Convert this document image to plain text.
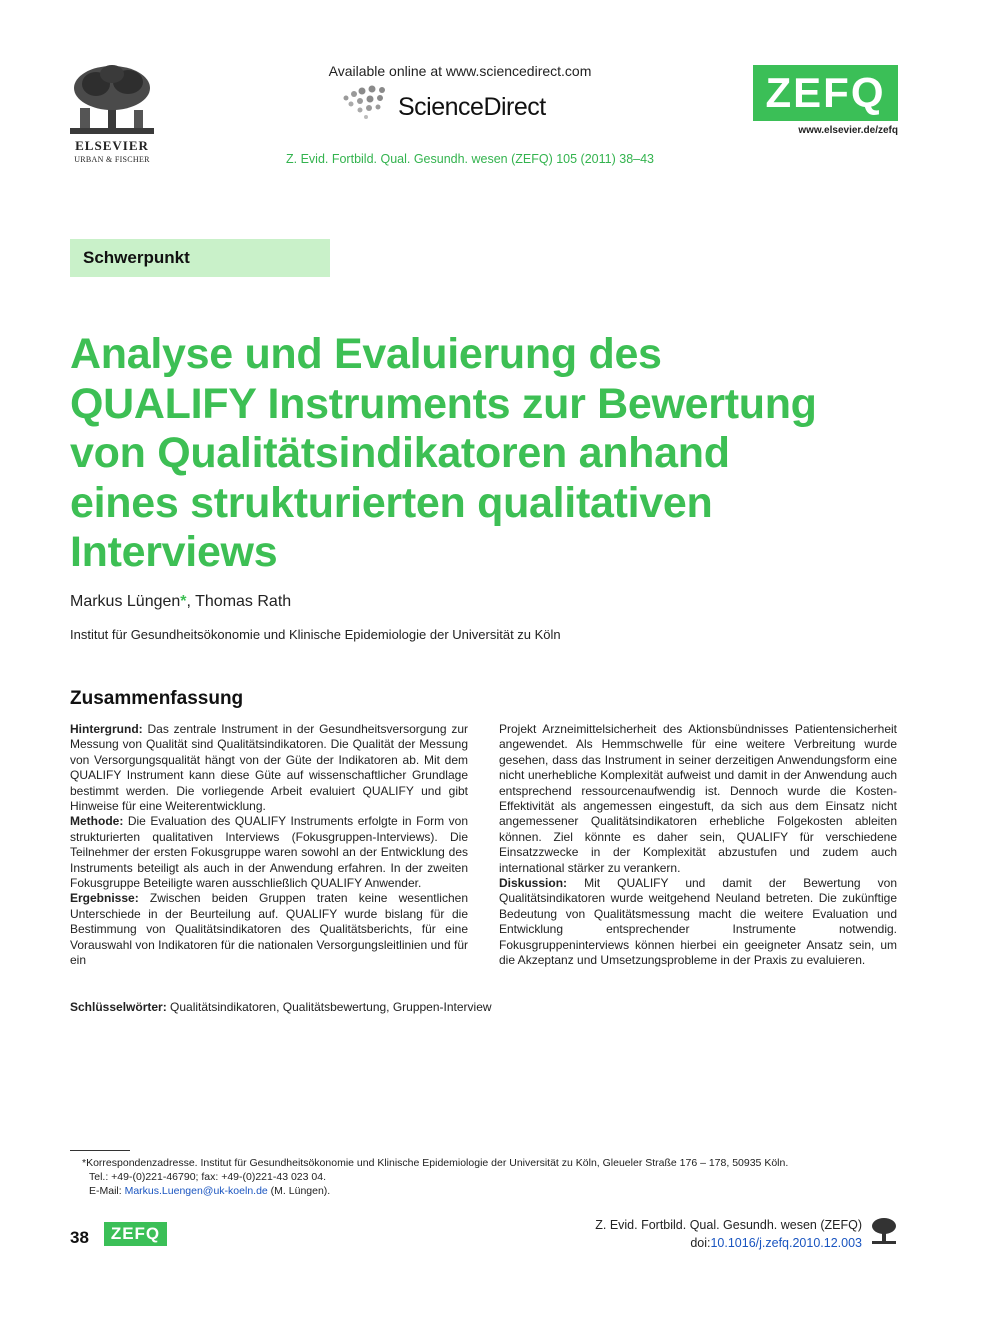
ELSEVIER
URBAN & FISCHER
Available online at www.sciencedirect.com
ScienceDirect	ZEFQ
www.elsevier.de/zefq
Z. Evid. Fortbild. Qual. Gesundh. wesen (ZEFQ) 105 (2011) 38–43
Schwerpunkt
Analyse und Evaluierung des
QUALIFY Instruments zur Bewertung
von Qualitätsindikatoren anhand
eines strukturierten qualitativen
Interviews
Markus Lüngen*, Thomas Rath
Institut für Gesundheitsökonomie und Klinische Epidemiologie der Universität zu Köln
Zusammenfassung
Hintergrund: Das zentrale Instrument in der Gesundheitsversorgung zur Messung von Qualität sind Qualitätsindikatoren. Die Qualität der Messung von Versorgungsqualität hängt von der Güte der Indikatoren ab. Mit dem QUALIFY Instrument kann diese Güte auf wissenschaftlicher Grundlage bestimmt werden. Die vorliegende Arbeit evaluiert QUALIFY und gibt Hinweise für eine Weiterentwicklung.
Methode: Die Evaluation des QUALIFY Instruments erfolgte in Form von strukturierten qualitativen Interviews (Fokusgruppen-Interviews). Die Teilnehmer der ersten Fokusgruppe waren sowohl an der Entwicklung des Instruments beteiligt als auch in der Anwendung erfahren. In der zweiten Fokusgruppe Beteiligte waren ausschließlich QUALIFY Anwender.
Ergebnisse: Zwischen beiden Gruppen traten keine wesentlichen Unterschiede in der Beurteilung auf. QUALIFY wurde bislang für die Bestimmung von Qualitätsindikatoren des Qualitätsberichts, für eine Vorauswahl von Indikatoren für die nationalen Versorgungsleitlinien und für ein
Projekt Arzneimittelsicherheit des Aktionsbündnisses Patientensicherheit angewendet. Als Hemmschwelle für eine weitere Verbreitung wurde gesehen, dass das Instrument in seiner derzeitigen Anwendungsform eine nicht unerhebliche Komplexität aufweist und damit in der Anwendung auch entsprechend ressourcenaufwendig ist. Dennoch wurde die Kosten-Effektivität als angemessen eingestuft, da sich aus dem Einsatz nicht angemessener Qualitätsindikatoren erhebliche Folgekosten ableiten können. Ziel könnte es daher sein, QUALIFY für verschiedene Einsatzzwecke in der Komplexität abzustufen und zudem auch international stärker zu verankern.
Diskussion: Mit QUALIFY und damit der Bewertung von Qualitätsindikatoren wurde weitgehend Neuland betreten. Die zukünftige Bedeutung von Qualitätsmessung macht die weitere Evaluation und Entwicklung entsprechender Instrumente notwendig. Fokusgruppeninterviews können hierbei ein geeigneter Ansatz sein, um die Akzeptanz und Umsetzungsprobleme in der Praxis zu evaluieren.
Schlüsselwörter: Qualitätsindikatoren, Qualitätsbewertung, Gruppen-Interview
*Korrespondenzadresse. Institut für Gesundheitsökonomie und Klinische Epidemiologie der Universität zu Köln, Gleueler Straße 176 – 178, 50935 Köln.
Tel.: +49-(0)221-46790; fax: +49-(0)221-43 023 04.
E-Mail: Markus.Luengen@uk-koeln.de (M. Lüngen).
38	ZEFQ	Z. Evid. Fortbild. Qual. Gesundh. wesen (ZEFQ)
doi:10.1016/j.zefq.2010.12.003
